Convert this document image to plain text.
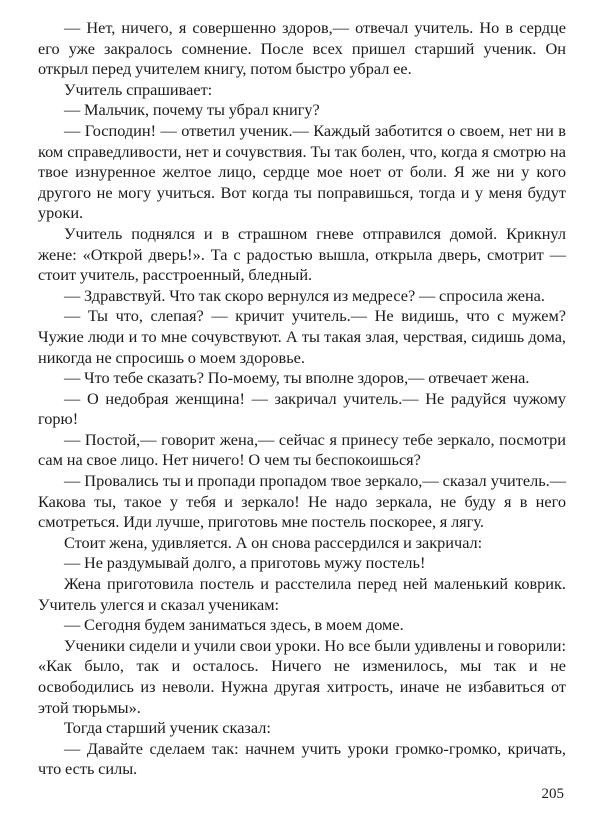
— Нет, ничего, я совершенно здоров,— отвечал учитель. Но в сердце его уже закралось сомнение. После всех пришел старший ученик. Он открыл перед учителем книгу, потом быстро убрал ее.

Учитель спрашивает:

— Мальчик, почему ты убрал книгу?

— Господин! — ответил ученик.— Каждый заботится о своем, нет ни в ком справедливости, нет и сочувствия. Ты так болен, что, когда я смотрю на твое изнуренное желтое лицо, сердце мое ноет от боли. Я же ни у кого другого не могу учиться. Вот когда ты поправишься, тогда и у меня будут уроки.

Учитель поднялся и в страшном гневе отправился домой. Крикнул жене: «Открой дверь!». Та с радостью вышла, открыла дверь, смотрит — стоит учитель, расстроенный, бледный.

— Здравствуй. Что так скоро вернулся из медресе? — спросила жена.

— Ты что, слепая? — кричит учитель.— Не видишь, что с мужем? Чужие люди и то мне сочувствуют. А ты такая злая, черствая, сидишь дома, никогда не спросишь о моем здоровье.

— Что тебе сказать? По-моему, ты вполне здоров,— отвечает жена.

— О недобрая женщина! — закричал учитель.— Не радуйся чужому горю!

— Постой,— говорит жена,— сейчас я принесу тебе зеркало, посмотри сам на свое лицо. Нет ничего! О чем ты беспокоишься?

— Провались ты и пропади пропадом твое зеркало,— сказал учитель.— Какова ты, такое у тебя и зеркало! Не надо зеркала, не буду я в него смотреться. Иди лучше, приготовь мне постель поскорее, я лягу.

Стоит жена, удивляется. А он снова рассердился и закричал:

— Не раздумывай долго, а приготовь мужу постель!

Жена приготовила постель и расстелила перед ней маленький коврик. Учитель улегся и сказал ученикам:

— Сегодня будем заниматься здесь, в моем доме.

Ученики сидели и учили свои уроки. Но все были удивлены и говорили: «Как было, так и осталось. Ничего не изменилось, мы так и не освободились из неволи. Нужна другая хитрость, иначе не избавиться от этой тюрьмы».

Тогда старший ученик сказал:

— Давайте сделаем так: начнем учить уроки громко-громко, кричать, что есть силы.

205
